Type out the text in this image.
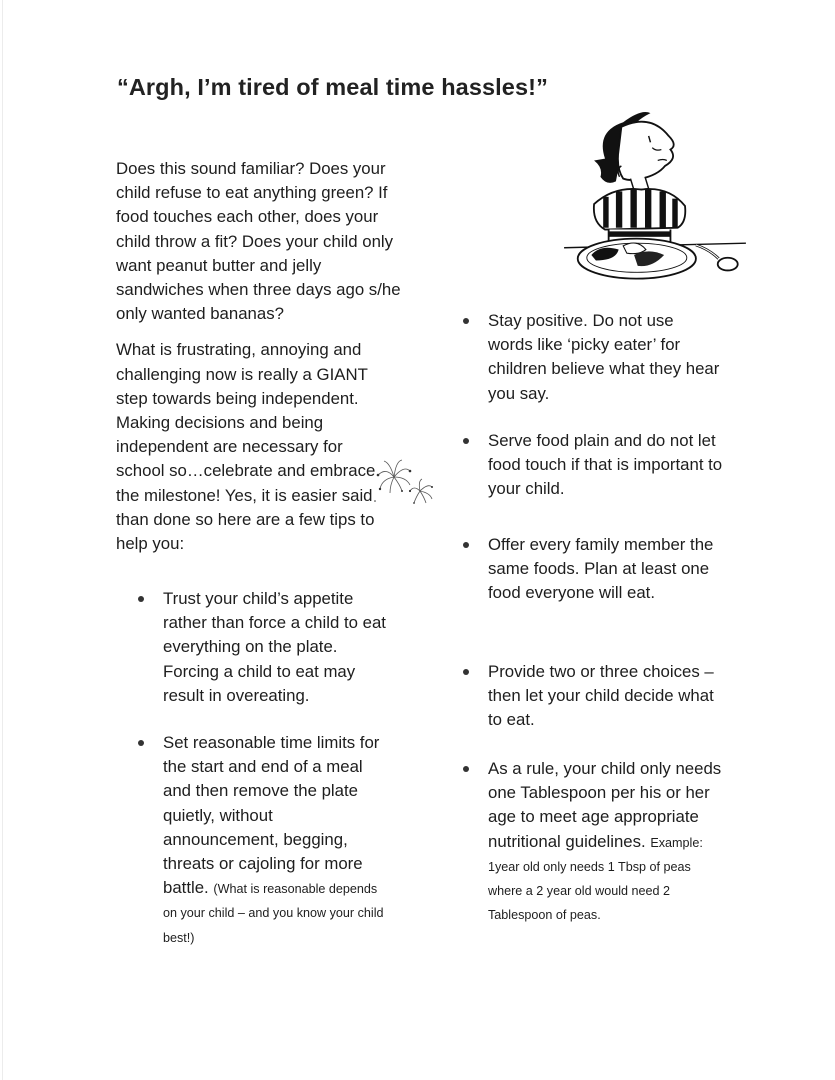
“Argh, I’m tired of meal time hassles!”

Does this sound familiar? Does your child refuse to eat anything green? If food touches each other, does your child throw a fit? Does your child only want peanut butter and jelly sandwiches when three days ago s/he only wanted bananas?

What is frustrating, annoying and challenging now is really a GIANT step towards being independent. Making decisions and being independent are necessary for school so…celebrate and embrace the milestone! Yes, it is easier said than done so here are a few tips to help you:

Trust your child’s appetite rather than force a child to eat everything on the plate. Forcing a child to eat may result in overeating.
Set reasonable time limits for the start and end of a meal and then remove the plate quietly, without announcement, begging, threats or cajoling for more battle. (What is reasonable depends on your child – and you know your child best!)
Stay positive. Do not use words like ‘picky eater’ for children believe what they hear you say.
Serve food plain and do not let food touch if that is important to your child.
Offer every family member the same foods. Plan at least one food everyone will eat.
Provide two or three choices – then let your child decide what to eat.
As a rule, your child only needs one Tablespoon per his or her age to meet age appropriate nutritional guidelines. Example: 1year old only needs 1 Tbsp of peas where a 2 year old would need 2 Tablespoon of peas.
